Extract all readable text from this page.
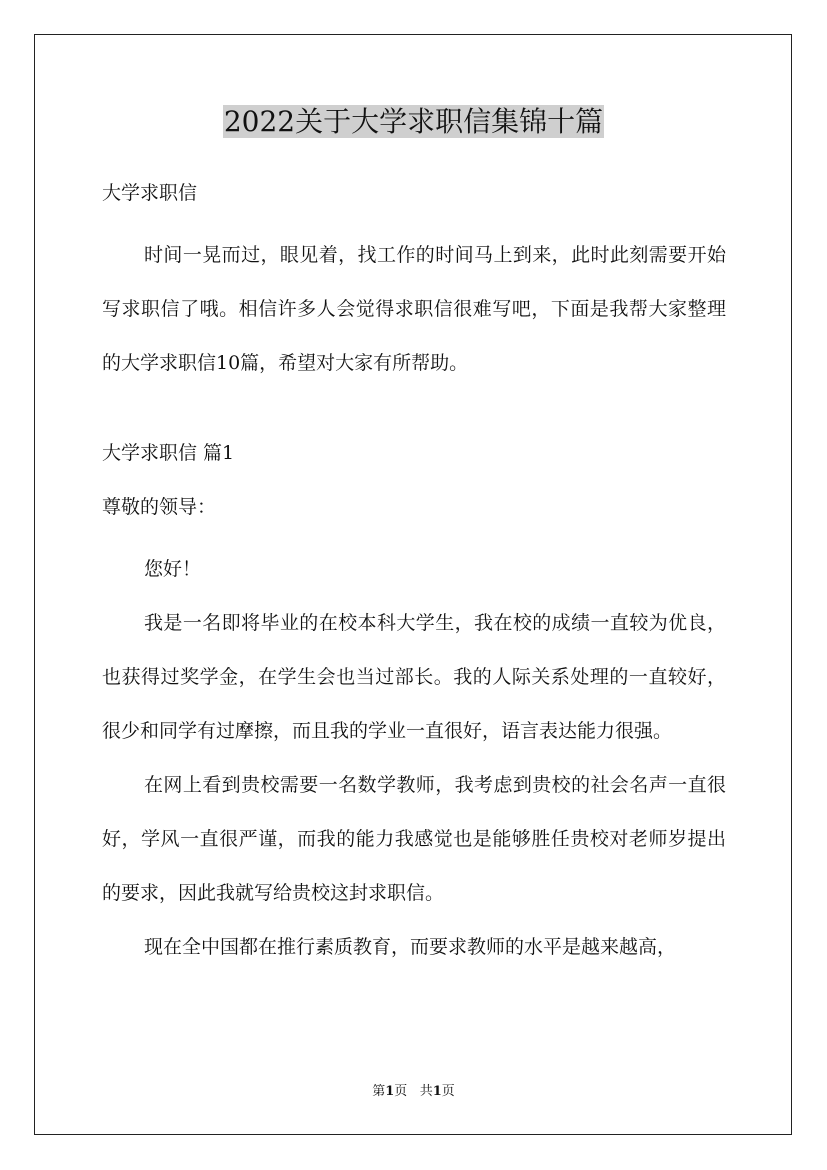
2022关于大学求职信集锦十篇

大学求职信

时间一晃而过，眼见着，找工作的时间马上到来，此时此刻需要开始写求职信了哦。相信许多人会觉得求职信很难写吧，下面是我帮大家整理的大学求职信10篇，希望对大家有所帮助。

大学求职信 篇1

尊敬的领导：

您好！

我是一名即将毕业的在校本科大学生，我在校的成绩一直较为优良，也获得过奖学金，在学生会也当过部长。我的人际关系处理的一直较好，很少和同学有过摩擦，而且我的学业一直很好，语言表达能力很强。

在网上看到贵校需要一名数学教师，我考虑到贵校的社会名声一直很好，学风一直很严谨，而我的能力我感觉也是能够胜任贵校对老师岁提出的要求，因此我就写给贵校这封求职信。

现在全中国都在推行素质教育，而要求教师的水平是越来越高，

第1页 共1页
